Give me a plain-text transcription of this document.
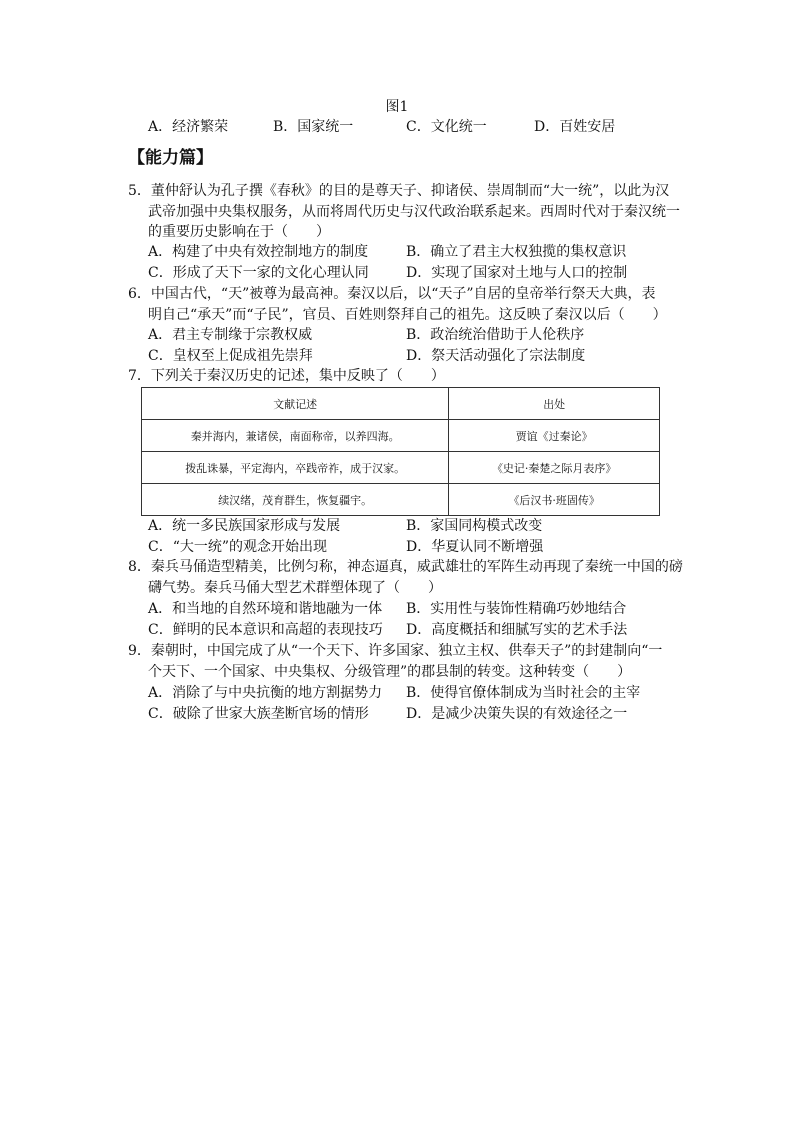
图1
A．经济繁荣	B．国家统一	C．文化统一	D．百姓安居
【能力篇】
5．董仲舒认为孔子撰《春秋》的目的是尊天子、抑诸侯、崇周制而“大一统”，以此为汉
武帝加强中央集权服务，从而将周代历史与汉代政治联系起来。西周时代对于秦汉统一
的重要历史影响在于（　　）
A．构建了中央有效控制地方的制度	B．确立了君主大权独揽的集权意识
C．形成了天下一家的文化心理认同	D．实现了国家对土地与人口的控制
6．中国古代，“天”被尊为最高神。秦汉以后，以“天子”自居的皇帝举行祭天大典，表
明自己“承天”而“子民”，官员、百姓则祭拜自己的祖先。这反映了秦汉以后（　　）
A．君主专制缘于宗教权威	B．政治统治借助于人伦秩序
C．皇权至上促成祖先崇拜	D．祭天活动强化了宗法制度
7．下列关于秦汉历史的记述，集中反映了（　　）
文献记述	出处
秦并海内，兼诸侯，南面称帝，以养四海。	贾谊《过秦论》
拨乱诛暴，平定海内，卒践帝祚，成于汉家。	《史记·秦楚之际月表序》
续汉绪，茂育群生，恢复疆宇。	《后汉书·班固传》
A．统一多民族国家形成与发展	B．家国同构模式改变
C．“大一统”的观念开始出现	D．华夏认同不断增强
8．秦兵马俑造型精美，比例匀称，神态逼真，威武雄壮的军阵生动再现了秦统一中国的磅
礴气势。秦兵马俑大型艺术群塑体现了（　　）
A．和当地的自然环境和谐地融为一体 B．实用性与装饰性精确巧妙地结合
C．鲜明的民本意识和高超的表现技巧 D．高度概括和细腻写实的艺术手法
9．秦朝时，中国完成了从“一个天下、许多国家、独立主权、供奉天子”的封建制向“一
个天下、一个国家、中央集权、分级管理”的郡县制的转变。这种转变（　　）
A．消除了与中央抗衡的地方割据势力 B．使得官僚体制成为当时社会的主宰
C．破除了世家大族垄断官场的情形	D．是减少决策失误的有效途径之一
